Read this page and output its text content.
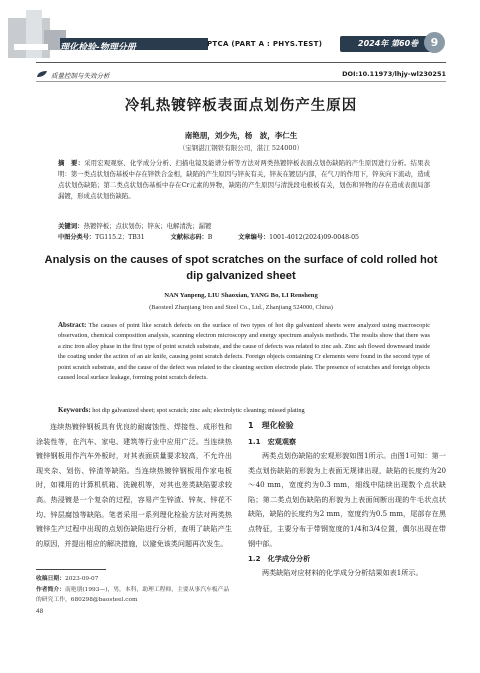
理化检验-物理分册	PTCA (PART A : PHYS.TEST)	2024年 第60卷	9
质量控制与失效分析	DOI:10.11973/lhjy-wl230251
冷轧热镀锌板表面点划伤产生原因
南艳朋，刘少先，杨　波，李仁生
（宝钢湛江钢铁有限公司，湛江 524000）
摘　要：采用宏观观察、化学成分分析、扫描电镜及能谱分析等方法对两类热镀锌板表面点划伤缺陷的产生原因进行分析。结果表明：第一类点状划伤基板中存在锌铁合金相，缺陷的产生原因与锌灰有关，锌灰在镀层内部，在气刀的作用下，锌灰向下流动，造成点状划伤缺陷；第二类点状划伤基板中存在Cr元素的异物，缺陷的产生原因与清洗段电极板有关，划伤和异物的存在造成表面局部漏镀，形成点状划伤缺陷。
关键词：热镀锌板；点状划伤；锌灰；电解清洗；漏镀
中图分类号：TG115.2；TB31	文献标志码：B	文章编号：1001-4012(2024)09-0048-05
Analysis on the causes of spot scratches on the surface of cold rolled hot dip galvanized sheet
NAN Yanpeng, LIU Shaoxian, YANG Bo, LI Rensheng
(Baosteel Zhanjiang Iron and Steel Co., Ltd., Zhanjiang 524000, China)
Abstract: The causes of point like scratch defects on the surface of two types of hot dip galvanized sheets were analyzed using macroscopic observation, chemical composition analysis, scanning electron microscopy and energy spectrum analysis methods. The results show that there was a zinc iron alloy phase in the first type of point scratch substrate, and the cause of defects was related to zinc ash. Zinc ash flowed downward inside the coating under the action of an air knife, causing point scratch defects. Foreign objects containing Cr elements were found in the second type of point scratch substrate, and the cause of the defect was related to the cleaning section electrode plate. The presence of scratches and foreign objects caused local surface leakage, forming point scratch defects.
Keywords: hot dip galvanized sheet; spot scratch; zinc ash; electrolytic cleaning; missed plating
连续热镀锌钢板具有优良的耐腐蚀性、焊接性、成形性和涂装性等，在汽车、家电、建筑等行业中应用广泛。当连续热镀锌钢板用作汽车外板时，对其表面质量要求较高，不允许出现夹杂、划伤、锌渣等缺陷。当连续热镀锌钢板用作家电板时，如裸用的计算机机箱、洗碗机等，对其也差类缺陷要求较高。热浸镀是一个复杂的过程，容易产生锌渣、锌灰、锌花不均、锌层腐蚀等缺陷。笔者采用一系列理化检验方法对两类热镀锌生产过程中出现的点划伤缺陷进行分析，查明了缺陷产生的原因，并提出相应的解决措施，以避免该类问题再次发生。
1　理化检验
1.1　宏观观察
两类点划伤缺陷的宏观形貌如图1所示。由图1可知：第一类点划伤缺陷的形貌为上表面无规律出现，缺陷的长度约为20～40 mm，宽度约为0.3 mm，细线中陆续出现数个点状缺陷；第二类点划伤缺陷的形貌为上表面间断出现的牛毛状点状缺陷，缺陷的长度约为2 mm，宽度约为0.5 mm，尾部存在黑点特征，主要分布于带钢宽度的1/4和3/4位置，偶尔出现在带钢中部。
1.2　化学成分分析
两类缺陷对应材料的化学成分分析结果如表1所示。
收稿日期：2023-09-07
作者简介：南艳朋(1993—)，男，本科，助理工程师，主要从事汽车板产品的研究工作，680298@baosteel.com
48
